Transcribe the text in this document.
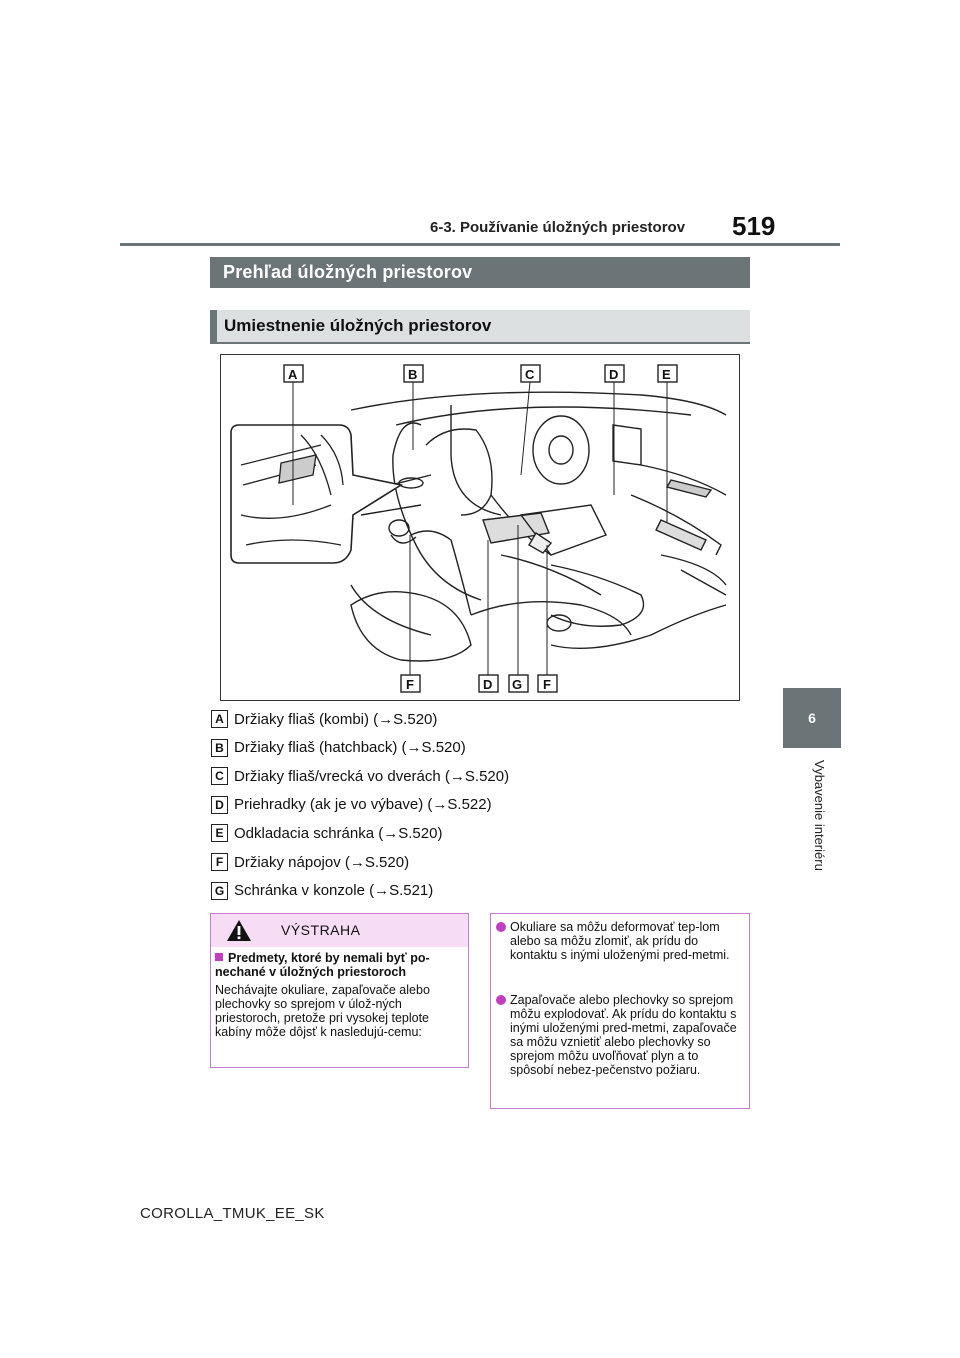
6-3. Používanie úložných priestorov 519
6
Vybavenie interiéru
Prehľad úložných priestorov
Umiestnenie úložných priestorov
A	B	C	D	E
F	D G F
A Držiaky fliaš (kombi) (→S.520)
B Držiaky fliaš (hatchback) (→S.520)
C Držiaky fliaš/vrecká vo dverách (→S.520)
D Priehradky (ak je vo výbave) (→S.522)
E Odkladacia schránka (→S.520)
F Držiaky nápojov (→S.520)
G Schránka v konzole (→S.521)
VÝSTRAHA
Predmety, ktoré by nemali byť po-nechané v úložných priestoroch
Nechávajte okuliare, zapaľovače alebo plechovky so sprejom v úlož-ných priestoroch, pretože pri vysokej teplote kabíny môže dôjsť k nasledujú-cemu:
Okuliare sa môžu deformovať tep-lom alebo sa môžu zlomiť, ak prídu do kontaktu s inými uloženými pred-metmi.
Zapaľovače alebo plechovky so sprejom môžu explodovať. Ak prídu do kontaktu s inými uloženými pred-metmi, zapaľovače sa môžu vznietiť alebo plechovky so sprejom môžu uvoľňovať plyn a to spôsobí nebez-pečenstvo požiaru.
COROLLA_TMUK_EE_SK
